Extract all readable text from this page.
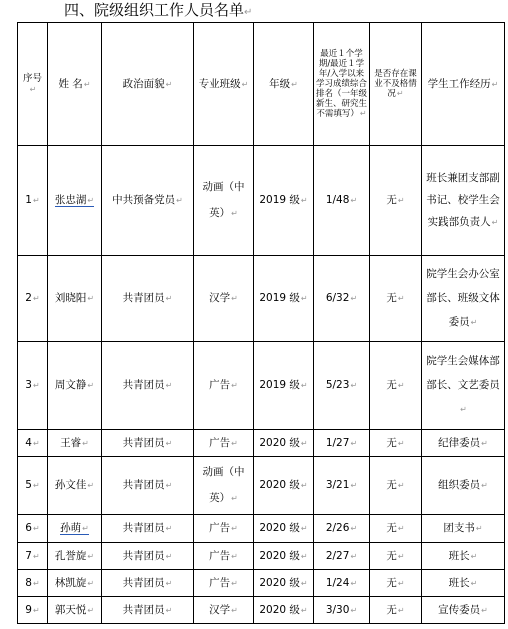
四、院级组织工作人员名单↵
序号 ↵	姓 名 ↵	政治面貌 ↵	专业班级 ↵	年级 ↵	最近１个学期/最近１学年/入学以来学习成绩综合排名（一年级新生、研究生不需填写） ↵	是否存在课业不及格情况 ↵	学生工作经历 ↵
1 ↵	张忠湖 ↵	中共预备党员 ↵	动画（中英） ↵	2019 级 ↵	1/48 ↵	无 ↵	班长兼团支部副书记、校学生会实践部负责人 ↵
2 ↵	刘晓阳 ↵	共青团员 ↵	汉学 ↵	2019 级 ↵	6/32 ↵	无 ↵	院学生会办公室部长、班级文体委员 ↵
3 ↵	周文静 ↵	共青团员 ↵	广告 ↵	2019 级 ↵	5/23 ↵	无 ↵	院学生会媒体部部长、文艺委员 ↵
4 ↵	王睿 ↵	共青团员 ↵	广告 ↵	2020 级 ↵	1/27 ↵	无 ↵	纪律委员 ↵
5 ↵	孙文佳 ↵	共青团员 ↵	动画（中英） ↵	2020 级 ↵	3/21 ↵	无 ↵	组织委员 ↵
6 ↵	孙萌 ↵	共青团员 ↵	广告 ↵	2020 级 ↵	2/26 ↵	无 ↵	团支书 ↵
7 ↵	孔誉旋 ↵	共青团员 ↵	广告 ↵	2020 级 ↵	2/27 ↵	无 ↵	班长 ↵
8 ↵	林凯旋 ↵	共青团员 ↵	广告 ↵	2020 级 ↵	1/24 ↵	无 ↵	班长 ↵
9 ↵	郭天悦 ↵	共青团员 ↵	汉学 ↵	2020 级 ↵	3/30 ↵	无 ↵	宣传委员 ↵
